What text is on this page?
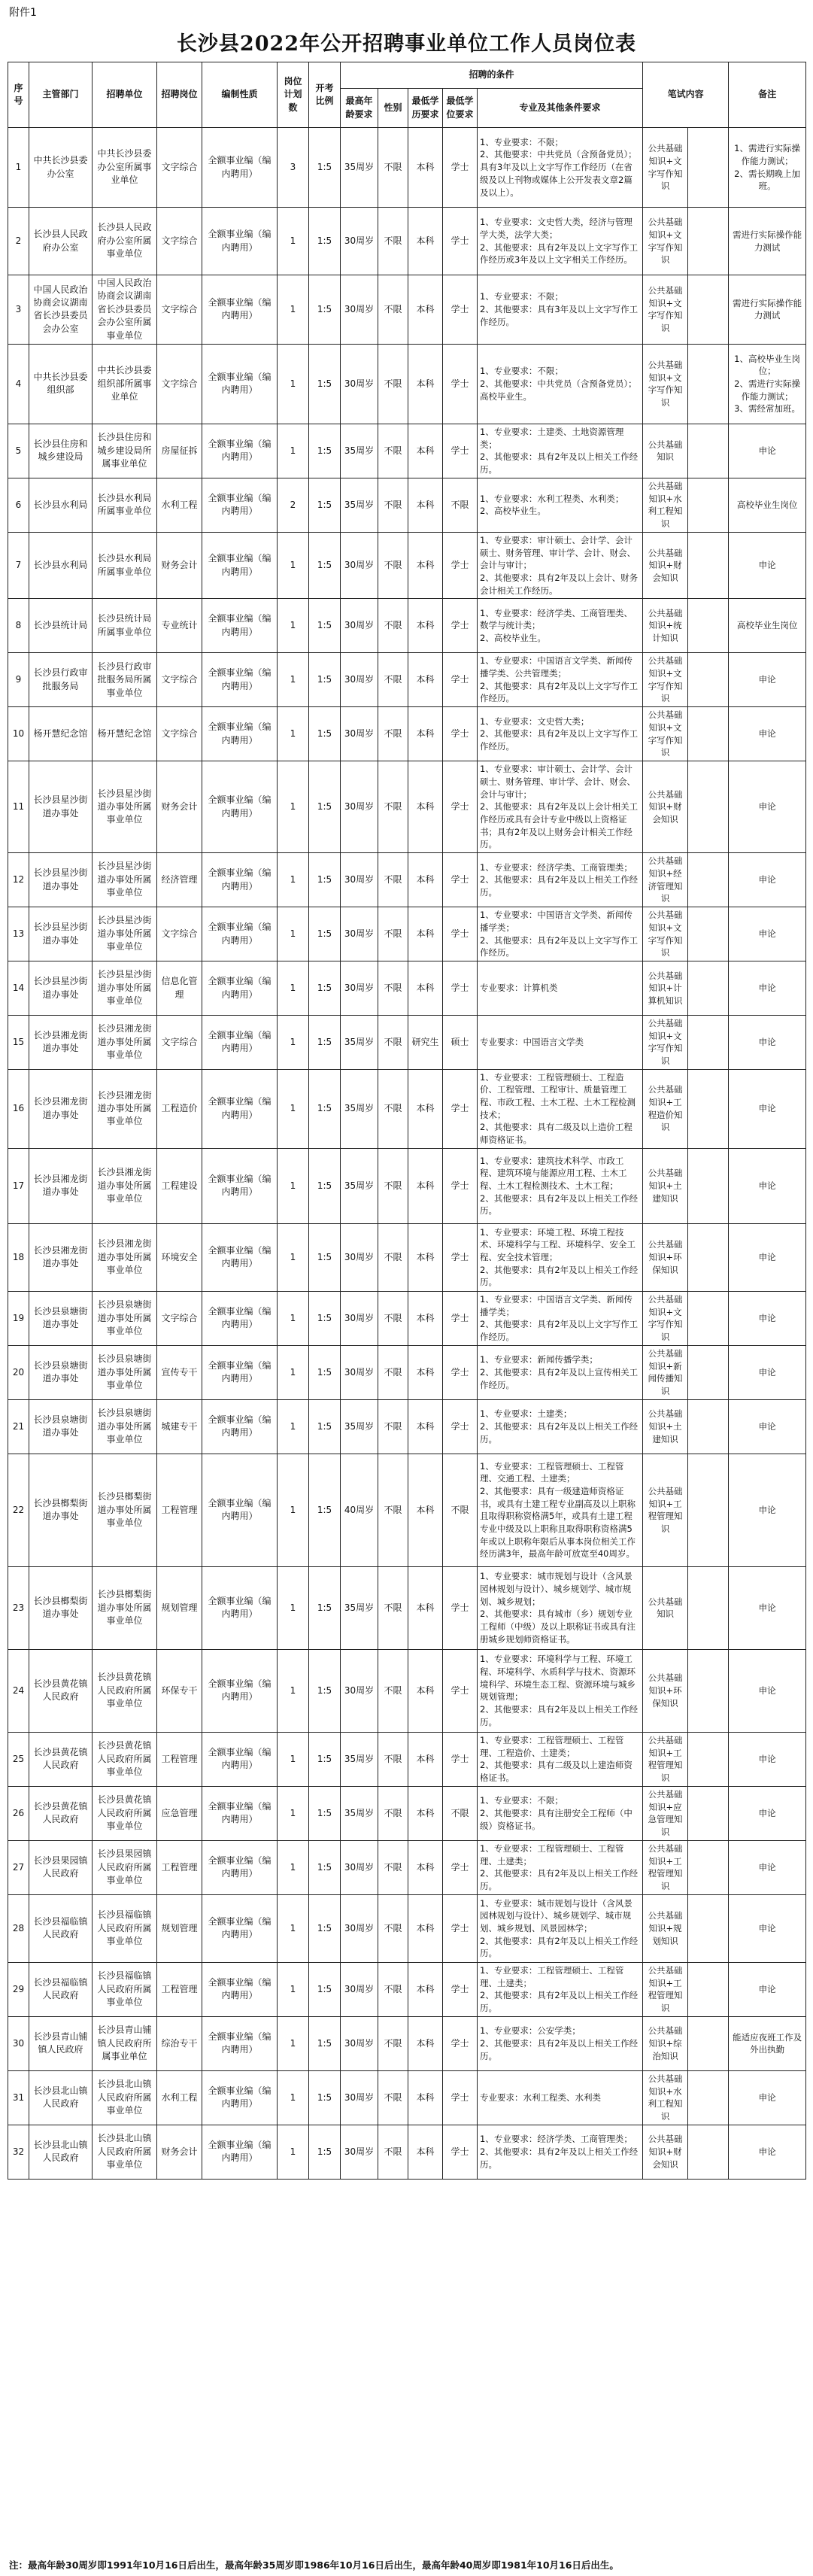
附件1
长沙县2022年公开招聘事业单位工作人员岗位表
序号	主管部门	招聘单位	招聘岗位	编制性质	岗位计划数	开考比例	招聘的条件					笔试内容		备注
							最高年龄要求	性别	最低学历要求	最低学位要求	专业及其他条件要求			
1	中共长沙县委办公室	中共长沙县委办公室所属事业单位	文字综合	全额事业编（编内聘用）	3	1:5	35周岁	不限	本科	学士	1、专业要求：不限；
2、其他要求：中共党员（含预备党员）；具有3年及以上文字写作工作经历（在省级及以上刊物或媒体上公开发表文章2篇及以上）。	公共基础知识+文字写作知识		1、需进行实际操作能力测试；
2、需长期晚上加班。
2	长沙县人民政府办公室	长沙县人民政府办公室所属事业单位	文字综合	全额事业编（编内聘用）	1	1:5	30周岁	不限	本科	学士	1、专业要求：文史哲大类，经济与管理学大类，法学大类；
2、其他要求：具有2年及以上文字写作工作经历或3年及以上文字相关工作经历。	公共基础知识+文字写作知识		需进行实际操作能力测试
3	中国人民政治协商会议湖南省长沙县委员会办公室	中国人民政治协商会议湖南省长沙县委员会办公室所属事业单位	文字综合	全额事业编（编内聘用）	1	1:5	30周岁	不限	本科	学士	1、专业要求：不限；
2、其他要求：具有3年及以上文字写作工作经历。	公共基础知识+文字写作知识		需进行实际操作能力测试
4	中共长沙县委组织部	中共长沙县委组织部所属事业单位	文字综合	全额事业编（编内聘用）	1	1:5	30周岁	不限	本科	学士	1、专业要求：不限；
2、其他要求：中共党员（含预备党员）；高校毕业生。	公共基础知识+文字写作知识		1、高校毕业生岗位；
2、需进行实际操作能力测试；
3、需经常加班。
5	长沙县住房和城乡建设局	长沙县住房和城乡建设局所属事业单位	房屋征拆	全额事业编（编内聘用）	1	1:5	35周岁	不限	本科	学士	1、专业要求：土建类、土地资源管理类；
2、其他要求：具有2年及以上相关工作经历。	公共基础知识		申论
6	长沙县水利局	长沙县水利局所属事业单位	水利工程	全额事业编（编内聘用）	2	1:5	35周岁	不限	本科	不限	1、专业要求：水利工程类、水利类；
2、高校毕业生。	公共基础知识+水利工程知识		高校毕业生岗位
7	长沙县水利局	长沙县水利局所属事业单位	财务会计	全额事业编（编内聘用）	1	1:5	30周岁	不限	本科	学士	1、专业要求：审计硕士、会计学、会计硕士、财务管理、审计学、会计、财会、会计与审计；
2、其他要求：具有2年及以上会计、财务会计相关工作经历。	公共基础知识+财会知识		申论
8	长沙县统计局	长沙县统计局所属事业单位	专业统计	全额事业编（编内聘用）	1	1:5	30周岁	不限	本科	学士	1、专业要求：经济学类、工商管理类、数学与统计类；
2、高校毕业生。	公共基础知识+统计知识		高校毕业生岗位
9	长沙县行政审批服务局	长沙县行政审批服务局所属事业单位	文字综合	全额事业编（编内聘用）	1	1:5	30周岁	不限	本科	学士	1、专业要求：中国语言文学类、新闻传播学类、公共管理类；
2、其他要求：具有2年及以上文字写作工作经历。	公共基础知识+文字写作知识		申论
10	杨开慧纪念馆	杨开慧纪念馆	文字综合	全额事业编（编内聘用）	1	1:5	30周岁	不限	本科	学士	1、专业要求：文史哲大类；
2、其他要求：具有2年及以上文字写作工作经历。	公共基础知识+文字写作知识		申论
11	长沙县星沙街道办事处	长沙县星沙街道办事处所属事业单位	财务会计	全额事业编（编内聘用）	1	1:5	30周岁	不限	本科	学士	1、专业要求：审计硕士、会计学、会计硕士、财务管理、审计学、会计、财会、会计与审计；
2、其他要求：具有2年及以上会计相关工作经历或具有会计专业中级以上资格证书；具有2年及以上财务会计相关工作经历。	公共基础知识+财会知识		申论
12	长沙县星沙街道办事处	长沙县星沙街道办事处所属事业单位	经济管理	全额事业编（编内聘用）	1	1:5	30周岁	不限	本科	学士	1、专业要求：经济学类、工商管理类；
2、其他要求：具有2年及以上相关工作经历。	公共基础知识+经济管理知识		申论
13	长沙县星沙街道办事处	长沙县星沙街道办事处所属事业单位	文字综合	全额事业编（编内聘用）	1	1:5	30周岁	不限	本科	学士	1、专业要求：中国语言文学类、新闻传播学类；
2、其他要求：具有2年及以上文字写作工作经历。	公共基础知识+文字写作知识		申论
14	长沙县星沙街道办事处	长沙县星沙街道办事处所属事业单位	信息化管理	全额事业编（编内聘用）	1	1:5	30周岁	不限	本科	学士	专业要求：计算机类	公共基础知识+计算机知识		申论
15	长沙县湘龙街道办事处	长沙县湘龙街道办事处所属事业单位	文字综合	全额事业编（编内聘用）	1	1:5	35周岁	不限	研究生	硕士	专业要求：中国语言文学类	公共基础知识+文字写作知识		申论
16	长沙县湘龙街道办事处	长沙县湘龙街道办事处所属事业单位	工程造价	全额事业编（编内聘用）	1	1:5	35周岁	不限	本科	学士	1、专业要求：工程管理硕士、工程造价、工程管理、工程审计、质量管理工程、市政工程、土木工程、土木工程检测技术；
2、其他要求：具有二级及以上造价工程师资格证书。	公共基础知识+工程造价知识		申论
17	长沙县湘龙街道办事处	长沙县湘龙街道办事处所属事业单位	工程建设	全额事业编（编内聘用）	1	1:5	35周岁	不限	本科	学士	1、专业要求：建筑技术科学、市政工程、建筑环境与能源应用工程、土木工程、土木工程检测技术、土木工程；
2、其他要求：具有2年及以上相关工作经历。	公共基础知识+土建知识		申论
18	长沙县湘龙街道办事处	长沙县湘龙街道办事处所属事业单位	环境安全	全额事业编（编内聘用）	1	1:5	30周岁	不限	本科	学士	1、专业要求：环境工程、环境工程技术、环境科学与工程、环境科学、安全工程、安全技术管理；
2、其他要求：具有2年及以上相关工作经历。	公共基础知识+环保知识		申论
19	长沙县泉塘街道办事处	长沙县泉塘街道办事处所属事业单位	文字综合	全额事业编（编内聘用）	1	1:5	30周岁	不限	本科	学士	1、专业要求：中国语言文学类、新闻传播学类；
2、其他要求：具有2年及以上文字写作工作经历。	公共基础知识+文字写作知识		申论
20	长沙县泉塘街道办事处	长沙县泉塘街道办事处所属事业单位	宣传专干	全额事业编（编内聘用）	1	1:5	30周岁	不限	本科	学士	1、专业要求：新闻传播学类；
2、其他要求：具有2年及以上宣传相关工作经历。	公共基础知识+新闻传播知识		申论
21	长沙县泉塘街道办事处	长沙县泉塘街道办事处所属事业单位	城建专干	全额事业编（编内聘用）	1	1:5	35周岁	不限	本科	学士	1、专业要求：土建类；
2、其他要求：具有2年及以上相关工作经历。	公共基础知识+土建知识		申论
22	长沙县榔梨街道办事处	长沙县榔梨街道办事处所属事业单位	工程管理	全额事业编（编内聘用）	1	1:5	40周岁	不限	本科	不限	1、专业要求：工程管理硕士、工程管理、交通工程、土建类；
2、其他要求：具有一级建造师资格证书，或具有土建工程专业副高及以上职称且取得职称资格满5年，或具有土建工程专业中级及以上职称且取得职称资格满5年或以上职称年限后从事本岗位相关工作经历满3年，最高年龄可放宽至40周岁。	公共基础知识+工程管理知识		申论
23	长沙县榔梨街道办事处	长沙县榔梨街道办事处所属事业单位	规划管理	全额事业编（编内聘用）	1	1:5	35周岁	不限	本科	学士	1、专业要求：城市规划与设计（含风景园林规划与设计）、城乡规划学、城市规划、城乡规划；
2、其他要求：具有城市（乡）规划专业工程师（中级）及以上职称证书或具有注册城乡规划师资格证书。	公共基础知识		申论
24	长沙县黄花镇人民政府	长沙县黄花镇人民政府所属事业单位	环保专干	全额事业编（编内聘用）	1	1:5	30周岁	不限	本科	学士	1、专业要求：环境科学与工程、环境工程、环境科学、水质科学与技术、资源环境科学、环境生态工程、资源环境与城乡规划管理；
2、其他要求：具有2年及以上相关工作经历。	公共基础知识+环保知识		申论
25	长沙县黄花镇人民政府	长沙县黄花镇人民政府所属事业单位	工程管理	全额事业编（编内聘用）	1	1:5	35周岁	不限	本科	学士	1、专业要求：工程管理硕士、工程管理、工程造价、土建类；
2、其他要求：具有二级及以上建造师资格证书。	公共基础知识+工程管理知识		申论
26	长沙县黄花镇人民政府	长沙县黄花镇人民政府所属事业单位	应急管理	全额事业编（编内聘用）	1	1:5	35周岁	不限	本科	不限	1、专业要求：不限；
2、其他要求：具有注册安全工程师（中级）资格证书。	公共基础知识+应急管理知识		申论
27	长沙县果园镇人民政府	长沙县果园镇人民政府所属事业单位	工程管理	全额事业编（编内聘用）	1	1:5	30周岁	不限	本科	学士	1、专业要求：工程管理硕士、工程管理、土建类；
2、其他要求：具有2年及以上相关工作经历。	公共基础知识+工程管理知识		申论
28	长沙县福临镇人民政府	长沙县福临镇人民政府所属事业单位	规划管理	全额事业编（编内聘用）	1	1:5	30周岁	不限	本科	学士	1、专业要求：城市规划与设计（含风景园林规划与设计）、城乡规划学、城市规划、城乡规划、风景园林学；
2、其他要求：具有2年及以上相关工作经历。	公共基础知识+规划知识		申论
29	长沙县福临镇人民政府	长沙县福临镇人民政府所属事业单位	工程管理	全额事业编（编内聘用）	1	1:5	30周岁	不限	本科	学士	1、专业要求：工程管理硕士、工程管理、土建类；
2、其他要求：具有2年及以上相关工作经历。	公共基础知识+工程管理知识		申论
30	长沙县青山铺镇人民政府	长沙县青山铺镇人民政府所属事业单位	综治专干	全额事业编（编内聘用）	1	1:5	30周岁	不限	本科	学士	1、专业要求：公安学类；
2、其他要求：具有2年及以上相关工作经历。	公共基础知识+综治知识		能适应夜班工作及外出执勤
31	长沙县北山镇人民政府	长沙县北山镇人民政府所属事业单位	水利工程	全额事业编（编内聘用）	1	1:5	30周岁	不限	本科	学士	专业要求：水利工程类、水利类	公共基础知识+水利工程知识		申论
32	长沙县北山镇人民政府	长沙县北山镇人民政府所属事业单位	财务会计	全额事业编（编内聘用）	1	1:5	30周岁	不限	本科	学士	1、专业要求：经济学类、工商管理类；
2、其他要求：具有2年及以上相关工作经历。	公共基础知识+财会知识		申论
注：最高年龄30周岁即1991年10月16日后出生，最高年龄35周岁即1986年10月16日后出生，最高年龄40周岁即1981年10月16日后出生。
